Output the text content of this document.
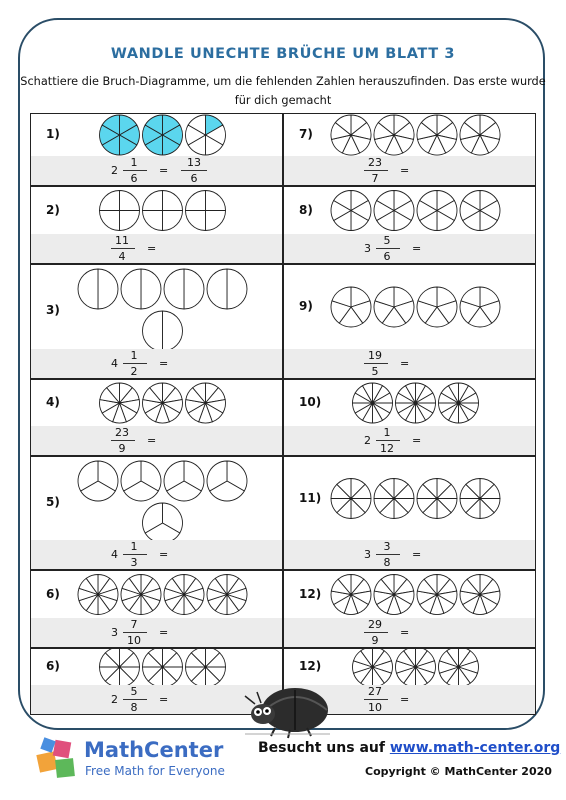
WANDLE UNECHTE BRÜCHE UM BLATT 3
Schattiere die Bruch-Diagramme, um die fehlenden Zahlen herauszufinden. Das erste wurde
für dich gemacht
1)
2
1
6
=
13
6
7)
23
7
=
2)
11
4
=
8)
3
5
6
=
3)
4
1
2
=
9)
19
5
=
4)
23
9
=
10)
2
1
12
=
5)
4
1
3
=
11)
3
3
8
=
6)
3
7
10
=
12)
29
9
=
6)
2
5
8
=
12)
27
10
=
MathCenter
Free Math for Everyone
Besucht uns auf www.math-center.org
Copyright © MathCenter 2020
